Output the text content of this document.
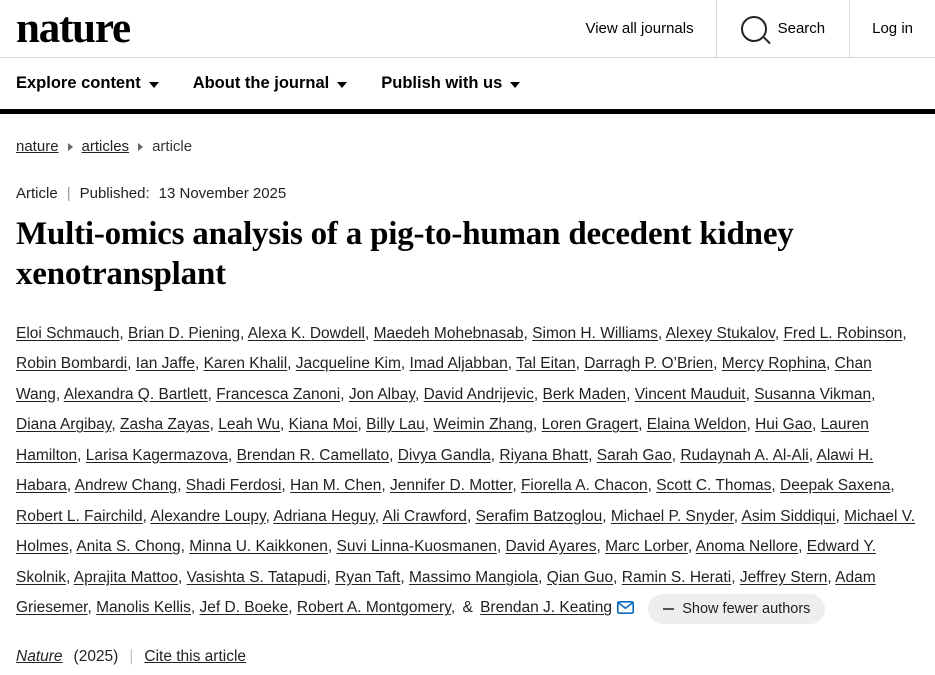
nature	View all journals	Search	Log in
Explore content	About the journal	Publish with us
nature articles article
Article | Published: 13 November 2025
Multi-omics analysis of a pig-to-human decedent kidney xenotransplant
Eloi Schmauch, Brian D. Piening, Alexa K. Dowdell, Maedeh Mohebnasab, Simon H. Williams, Alexey Stukalov, Fred L. Robinson, Robin Bombardi, Ian Jaffe, Karen Khalil, Jacqueline Kim, Imad Aljabban, Tal Eitan, Darragh P. O’Brien, Mercy Rophina, Chan Wang, Alexandra Q. Bartlett, Francesca Zanoni, Jon Albay, David Andrijevic, Berk Maden, Vincent Mauduit, Susanna Vikman, Diana Argibay, Zasha Zayas, Leah Wu, Kiana Moi, Billy Lau, Weimin Zhang, Loren Gragert, Elaina Weldon, Hui Gao, Lauren Hamilton, Larisa Kagermazova, Brendan R. Camellato, Divya Gandla, Riyana Bhatt, Sarah Gao, Rudaynah A. Al-Ali, Alawi H. Habara, Andrew Chang, Shadi Ferdosi, Han M. Chen, Jennifer D. Motter, Fiorella A. Chacon, Scott C. Thomas, Deepak Saxena, Robert L. Fairchild, Alexandre Loupy, Adriana Heguy, Ali Crawford, Serafim Batzoglou, Michael P. Snyder, Asim Siddiqui, Michael V. Holmes, Anita S. Chong, Minna U. Kaikkonen, Suvi Linna-Kuosmanen, David Ayares, Marc Lorber, Anoma Nellore, Edward Y. Skolnik, Aprajita Mattoo, Vasishta S. Tatapudi, Ryan Taft, Massimo Mangiola, Qian Guo, Ramin S. Herati, Jeffrey Stern, Adam Griesemer, Manolis Kellis, Jef D. Boeke, Robert A. Montgomery, & Brendan J. Keating	Show fewer authors
Nature (2025) | Cite this article
